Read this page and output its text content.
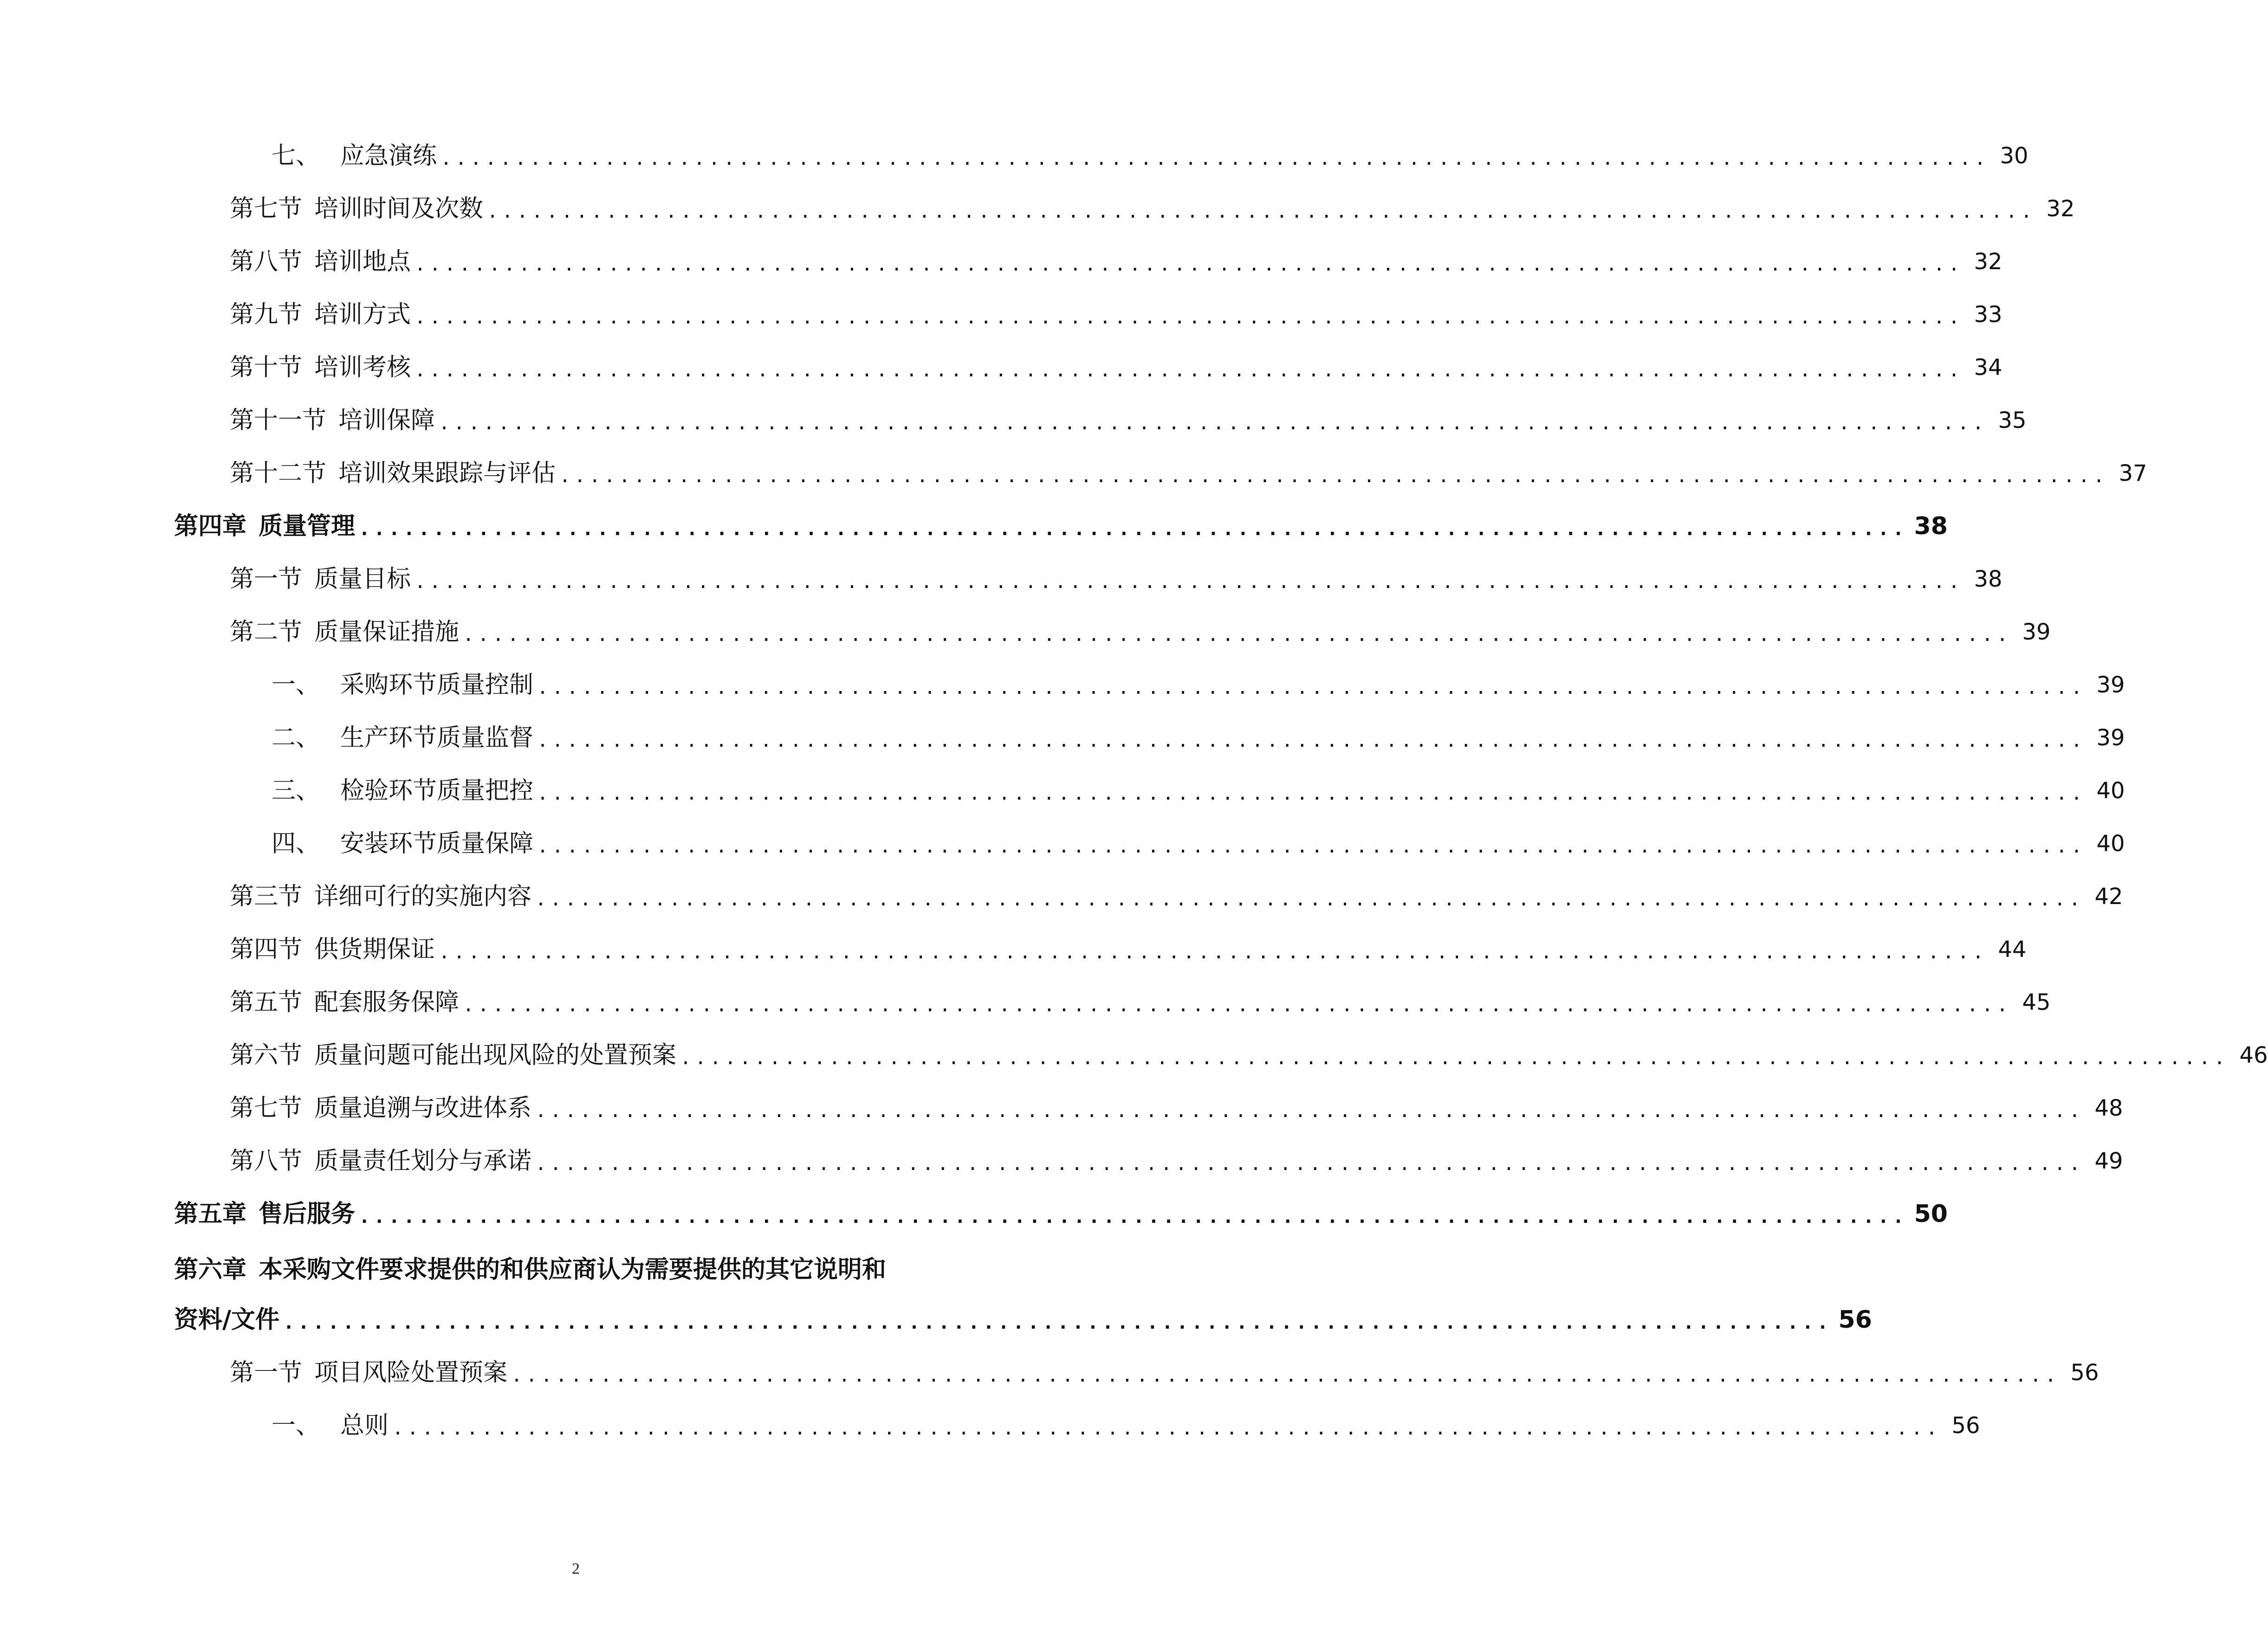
七、 应急演练 ........................................................................................................ 30
第七节 培训时间及次数 ........................................................................................................ 32
第八节 培训地点 ........................................................................................................ 32
第九节 培训方式 ........................................................................................................ 33
第十节 培训考核 ........................................................................................................ 34
第十一节 培训保障 ........................................................................................................ 35
第十二节 培训效果跟踪与评估 ........................................................................................................ 37
第四章 质量管理 ........................................................................................................ 38
第一节 质量目标 ........................................................................................................ 38
第二节 质量保证措施 ........................................................................................................ 39
一、 采购环节质量控制 ........................................................................................................ 39
二、 生产环节质量监督 ........................................................................................................ 39
三、 检验环节质量把控 ........................................................................................................ 40
四、 安装环节质量保障 ........................................................................................................ 40
第三节 详细可行的实施内容 ........................................................................................................ 42
第四节 供货期保证 ........................................................................................................ 44
第五节 配套服务保障 ........................................................................................................ 45
第六节 质量问题可能出现风险的处置预案 ........................................................................................................ 46
第七节 质量追溯与改进体系 ........................................................................................................ 48
第八节 质量责任划分与承诺 ........................................................................................................ 49
第五章 售后服务 ........................................................................................................ 50
第六章 本采购文件要求提供的和供应商认为需要提供的其它说明和
资料/文件 ........................................................................................................ 56
第一节 项目风险处置预案 ........................................................................................................ 56
一、 总则 ........................................................................................................ 56
2
